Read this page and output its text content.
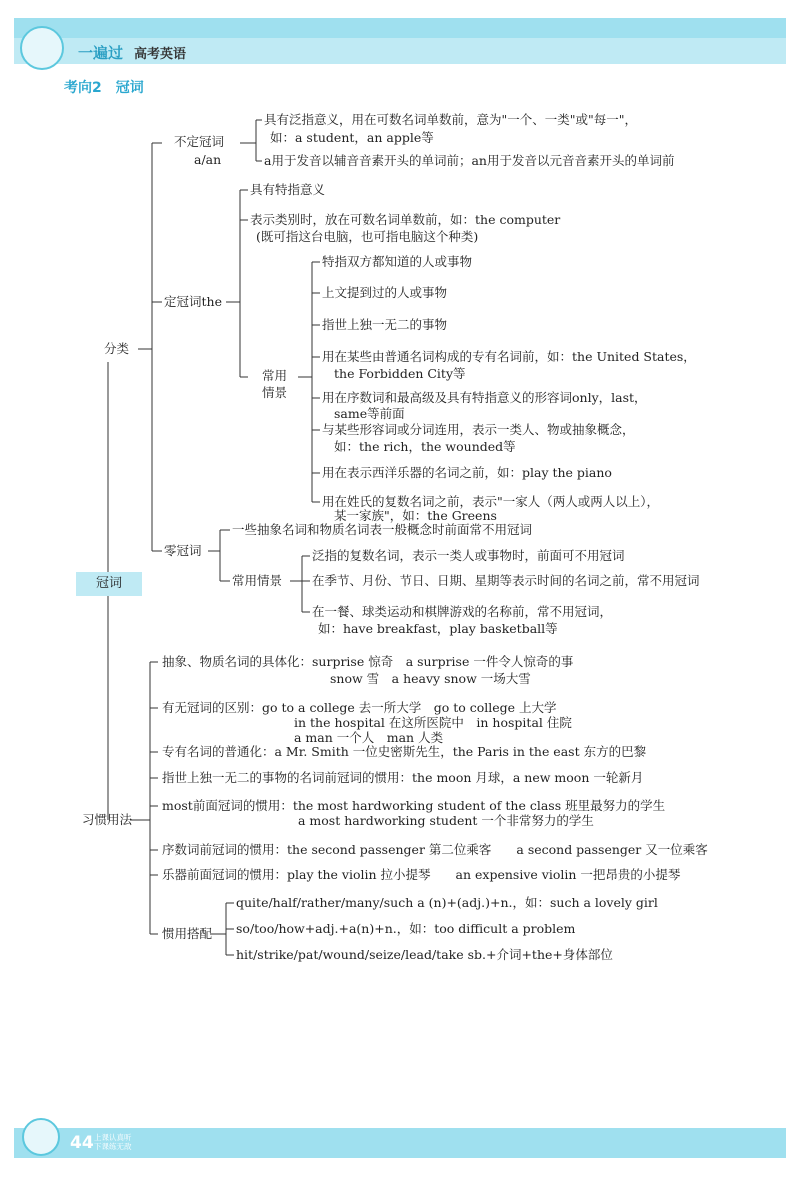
一遍过 高考英语
考向2　冠词
冠词
分类
不定冠词
a/an
具有泛指意义，用在可数名词单数前，意为"一个、一类"或"每一"，
如：a student，an apple等
a用于发音以辅音音素开头的单词前；an用于发音以元音音素开头的单词前
定冠词the
具有特指意义
表示类别时，放在可数名词单数前，如：the computer
(既可指这台电脑，也可指电脑这个种类)
常用
情景
特指双方都知道的人或事物
上文提到过的人或事物
指世上独一无二的事物
用在某些由普通名词构成的专有名词前，如：the United States，
the Forbidden City等
用在序数词和最高级及具有特指意义的形容词only，last，
same等前面
与某些形容词或分词连用，表示一类人、物或抽象概念，
如：the rich，the wounded等
用在表示西洋乐器的名词之前，如：play the piano
用在姓氏的复数名词之前，表示"一家人（两人或两人以上），
某一家族"，如：the Greens
零冠词
一些抽象名词和物质名词表一般概念时前面常不用冠词
常用情景
泛指的复数名词，表示一类人或事物时，前面可不用冠词
在季节、月份、节日、日期、星期等表示时间的名词之前，常不用冠词
在一餐、球类运动和棋牌游戏的名称前，常不用冠词，
如：have breakfast，play basketball等
习惯用法
抽象、物质名词的具体化：surprise 惊奇　a surprise 一件令人惊奇的事
snow 雪　a heavy snow 一场大雪
有无冠词的区别：go to a college 去一所大学　go to college 上大学
in the hospital 在这所医院中　in hospital 住院
a man 一个人　man 人类
专有名词的普通化：a Mr. Smith 一位史密斯先生，the Paris in the east 东方的巴黎
指世上独一无二的事物的名词前冠词的惯用：the moon 月球，a new moon 一轮新月
most前面冠词的惯用：the most hardworking student of the class 班里最努力的学生
a most hardworking student 一个非常努力的学生
序数词前冠词的惯用：the second passenger 第二位乘客　　a second passenger 又一位乘客
乐器前面冠词的惯用：play the violin 拉小提琴　　an expensive violin 一把昂贵的小提琴
惯用搭配
quite/half/rather/many/such a (n)+(adj.)+n.，如：such a lovely girl
so/too/how+adj.+a(n)+n.，如：too difficult a problem
hit/strike/pat/wound/seize/lead/take sb.+介词+the+身体部位
44 上课认真听
下课练无敌
